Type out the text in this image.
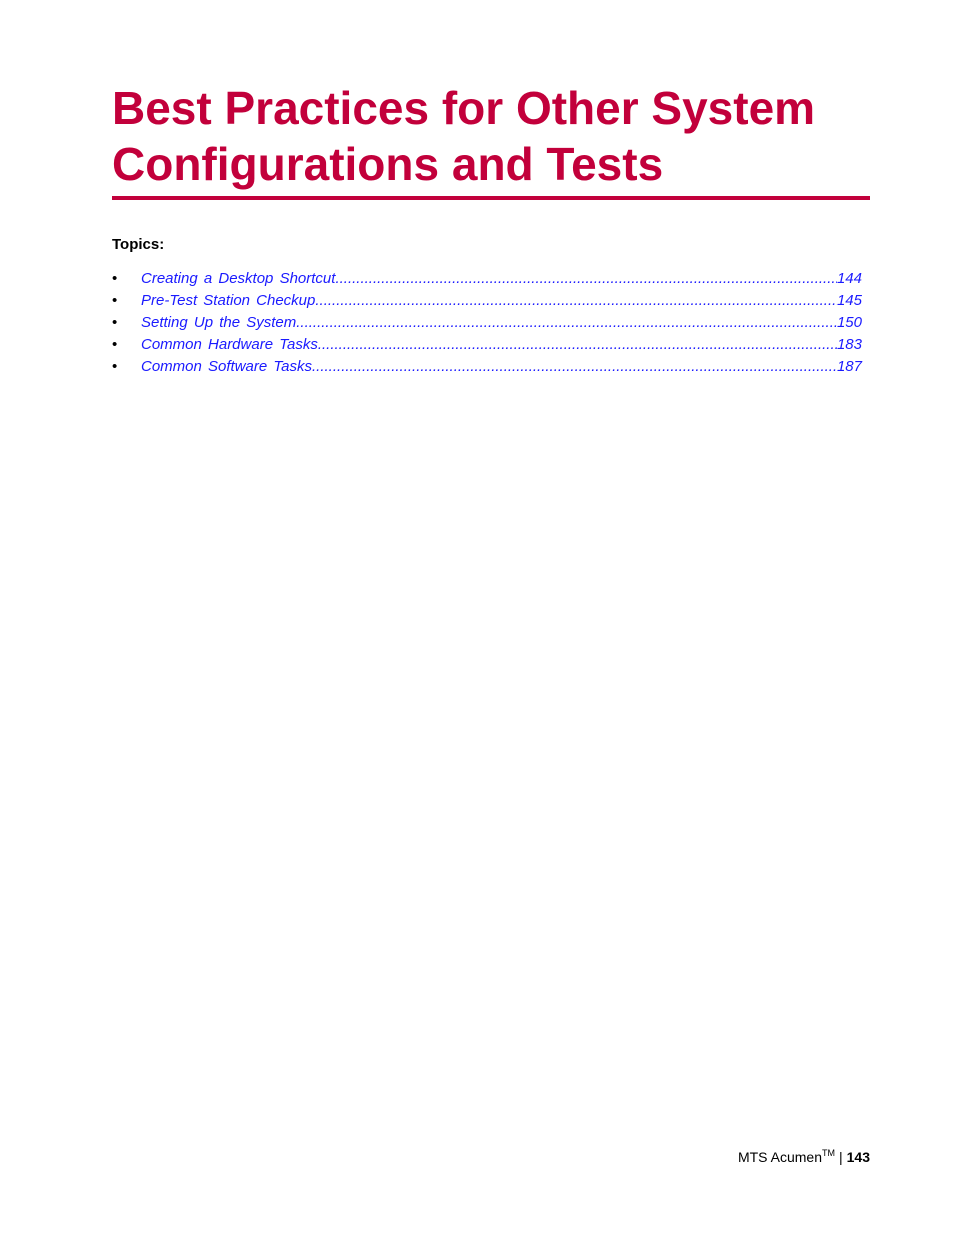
Best Practices for Other System
Configurations and Tests
Topics:
•	Creating a Desktop Shortcut .....	144
•	Pre-Test Station Checkup .....	145
•	Setting Up the System .....	150
•	Common Hardware Tasks .....	183
•	Common Software Tasks .....	187
MTS Acumen™ | 143
